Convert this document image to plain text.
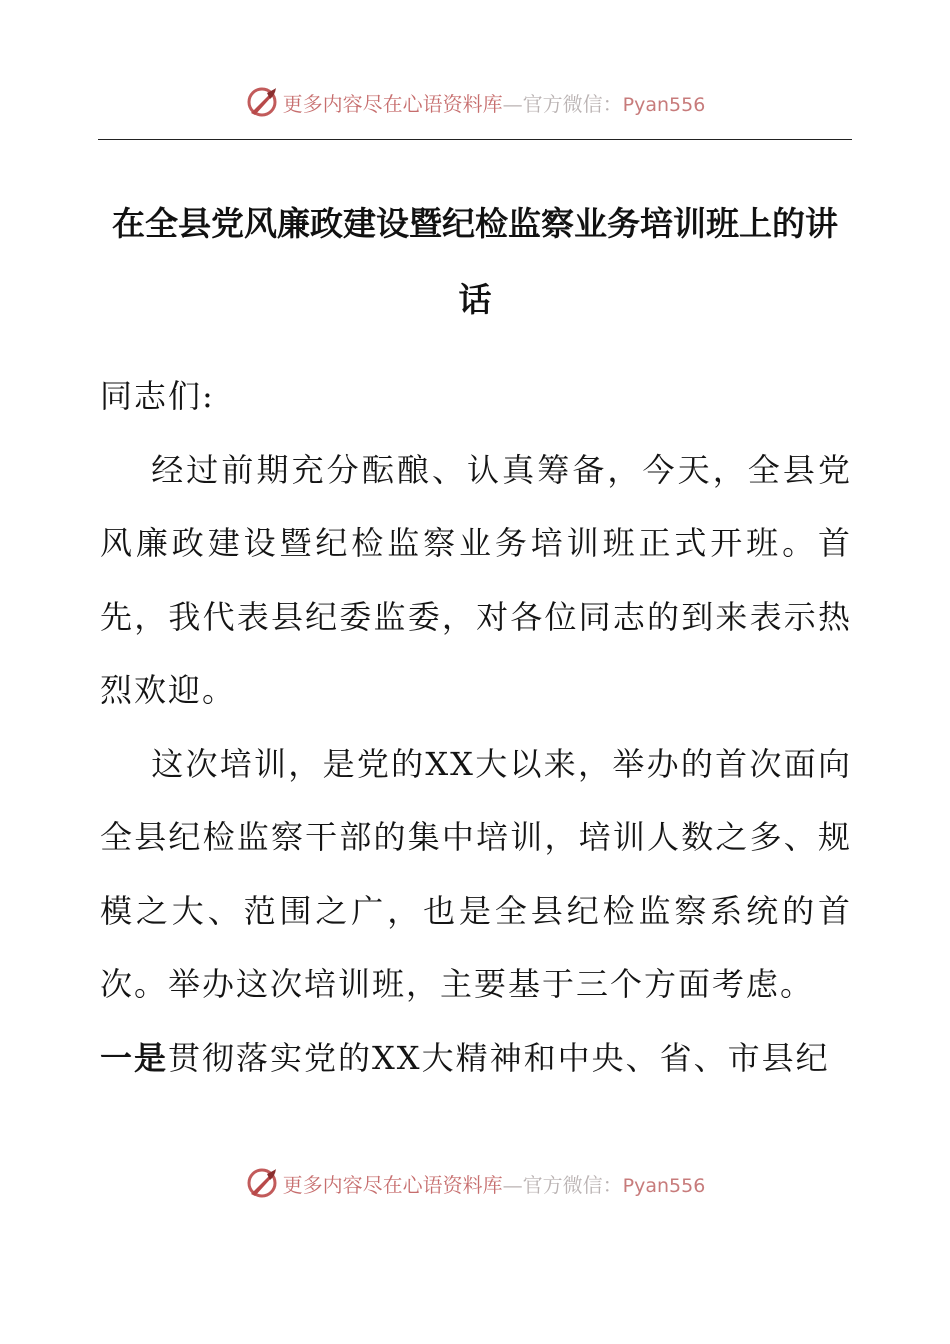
更多内容尽在心语资料库—官方微信：Pyan556
在全县党风廉政建设暨纪检监察业务培训班上的讲话

同志们:

经过前期充分酝酿、认真筹备，今天，全县党风廉政建设暨纪检监察业务培训班正式开班。首先，我代表县纪委监委，对各位同志的到来表示热烈欢迎。

这次培训，是党的XX大以来，举办的首次面向全县纪检监察干部的集中培训，培训人数之多、规模之大、范围之广，也是全县纪检监察系统的首次。举办这次培训班，主要基于三个方面考虑。

一是贯彻落实党的XX大精神和中央、省、市县纪

更多内容尽在心语资料库—官方微信：Pyan556
